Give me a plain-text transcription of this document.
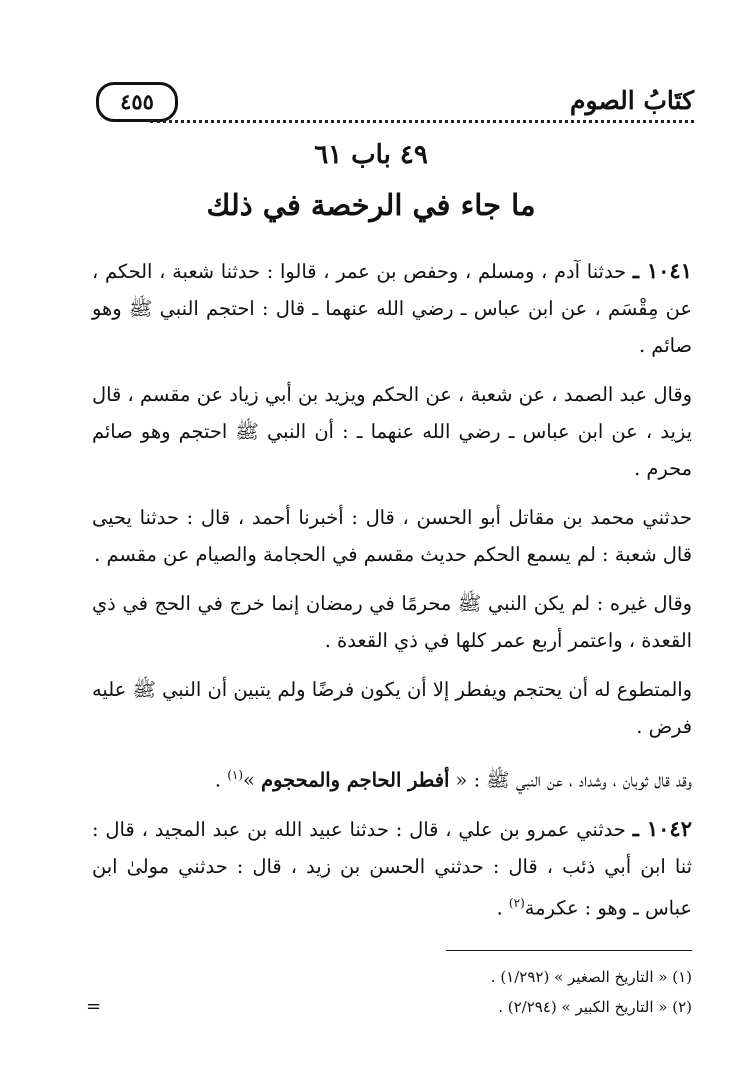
كتَابُ الصوم
٤٥٥
٤٩ باب ٦١
ما جاء في الرخصة في ذلك

١٠٤١ ـ حدثنا آدم ، ومسلم ، وحفص بن عمر ، قالوا : حدثنا شعبة ، الحكم ، عن مِقْسَم ، عن ابن عباس ـ رضي الله عنهما ـ قال : احتجم النبي ﷺ وهو صائم .

وقال عبد الصمد ، عن شعبة ، عن الحكم ويزيد بن أبي زياد عن مقسم ، قال يزيد ، عن ابن عباس ـ رضي الله عنهما ـ : أن النبي ﷺ احتجم وهو صائم محرم .

حدثني محمد بن مقاتل أبو الحسن ، قال : أخبرنا أحمد ، قال : حدثنا يحيى قال شعبة : لم يسمع الحكم حديث مقسم في الحجامة والصيام عن مقسم .

وقال غيره : لم يكن النبي ﷺ محرمًا في رمضان إنما خرج في الحج في ذي القعدة ، واعتمر أربع عمر كلها في ذي القعدة .

والمتطوع له أن يحتجم ويفطر إلا أن يكون فرضًا ولم يتبين أن النبي ﷺ عليه فرض .

وقد قال ثوبان ، وشداد ، عن النبي ﷺ : « أفطر الحاجم والمحجوم »$^{(١)}$ .

١٠٤٢ ـ حدثني عمرو بن علي ، قال : حدثنا عبيد الله بن عبد المجيد ، قال : ثنا ابن أبي ذئب ، قال : حدثني الحسن بن زيد ، قال : حدثني مولىٰ ابن عباس ـ وهو : عكرمة$^{(٢)}$ .

(١) « التاريخ الصغير » (١/٢٩٢) .
(٢) « التاريخ الكبير » (٢/٢٩٤) .
=
